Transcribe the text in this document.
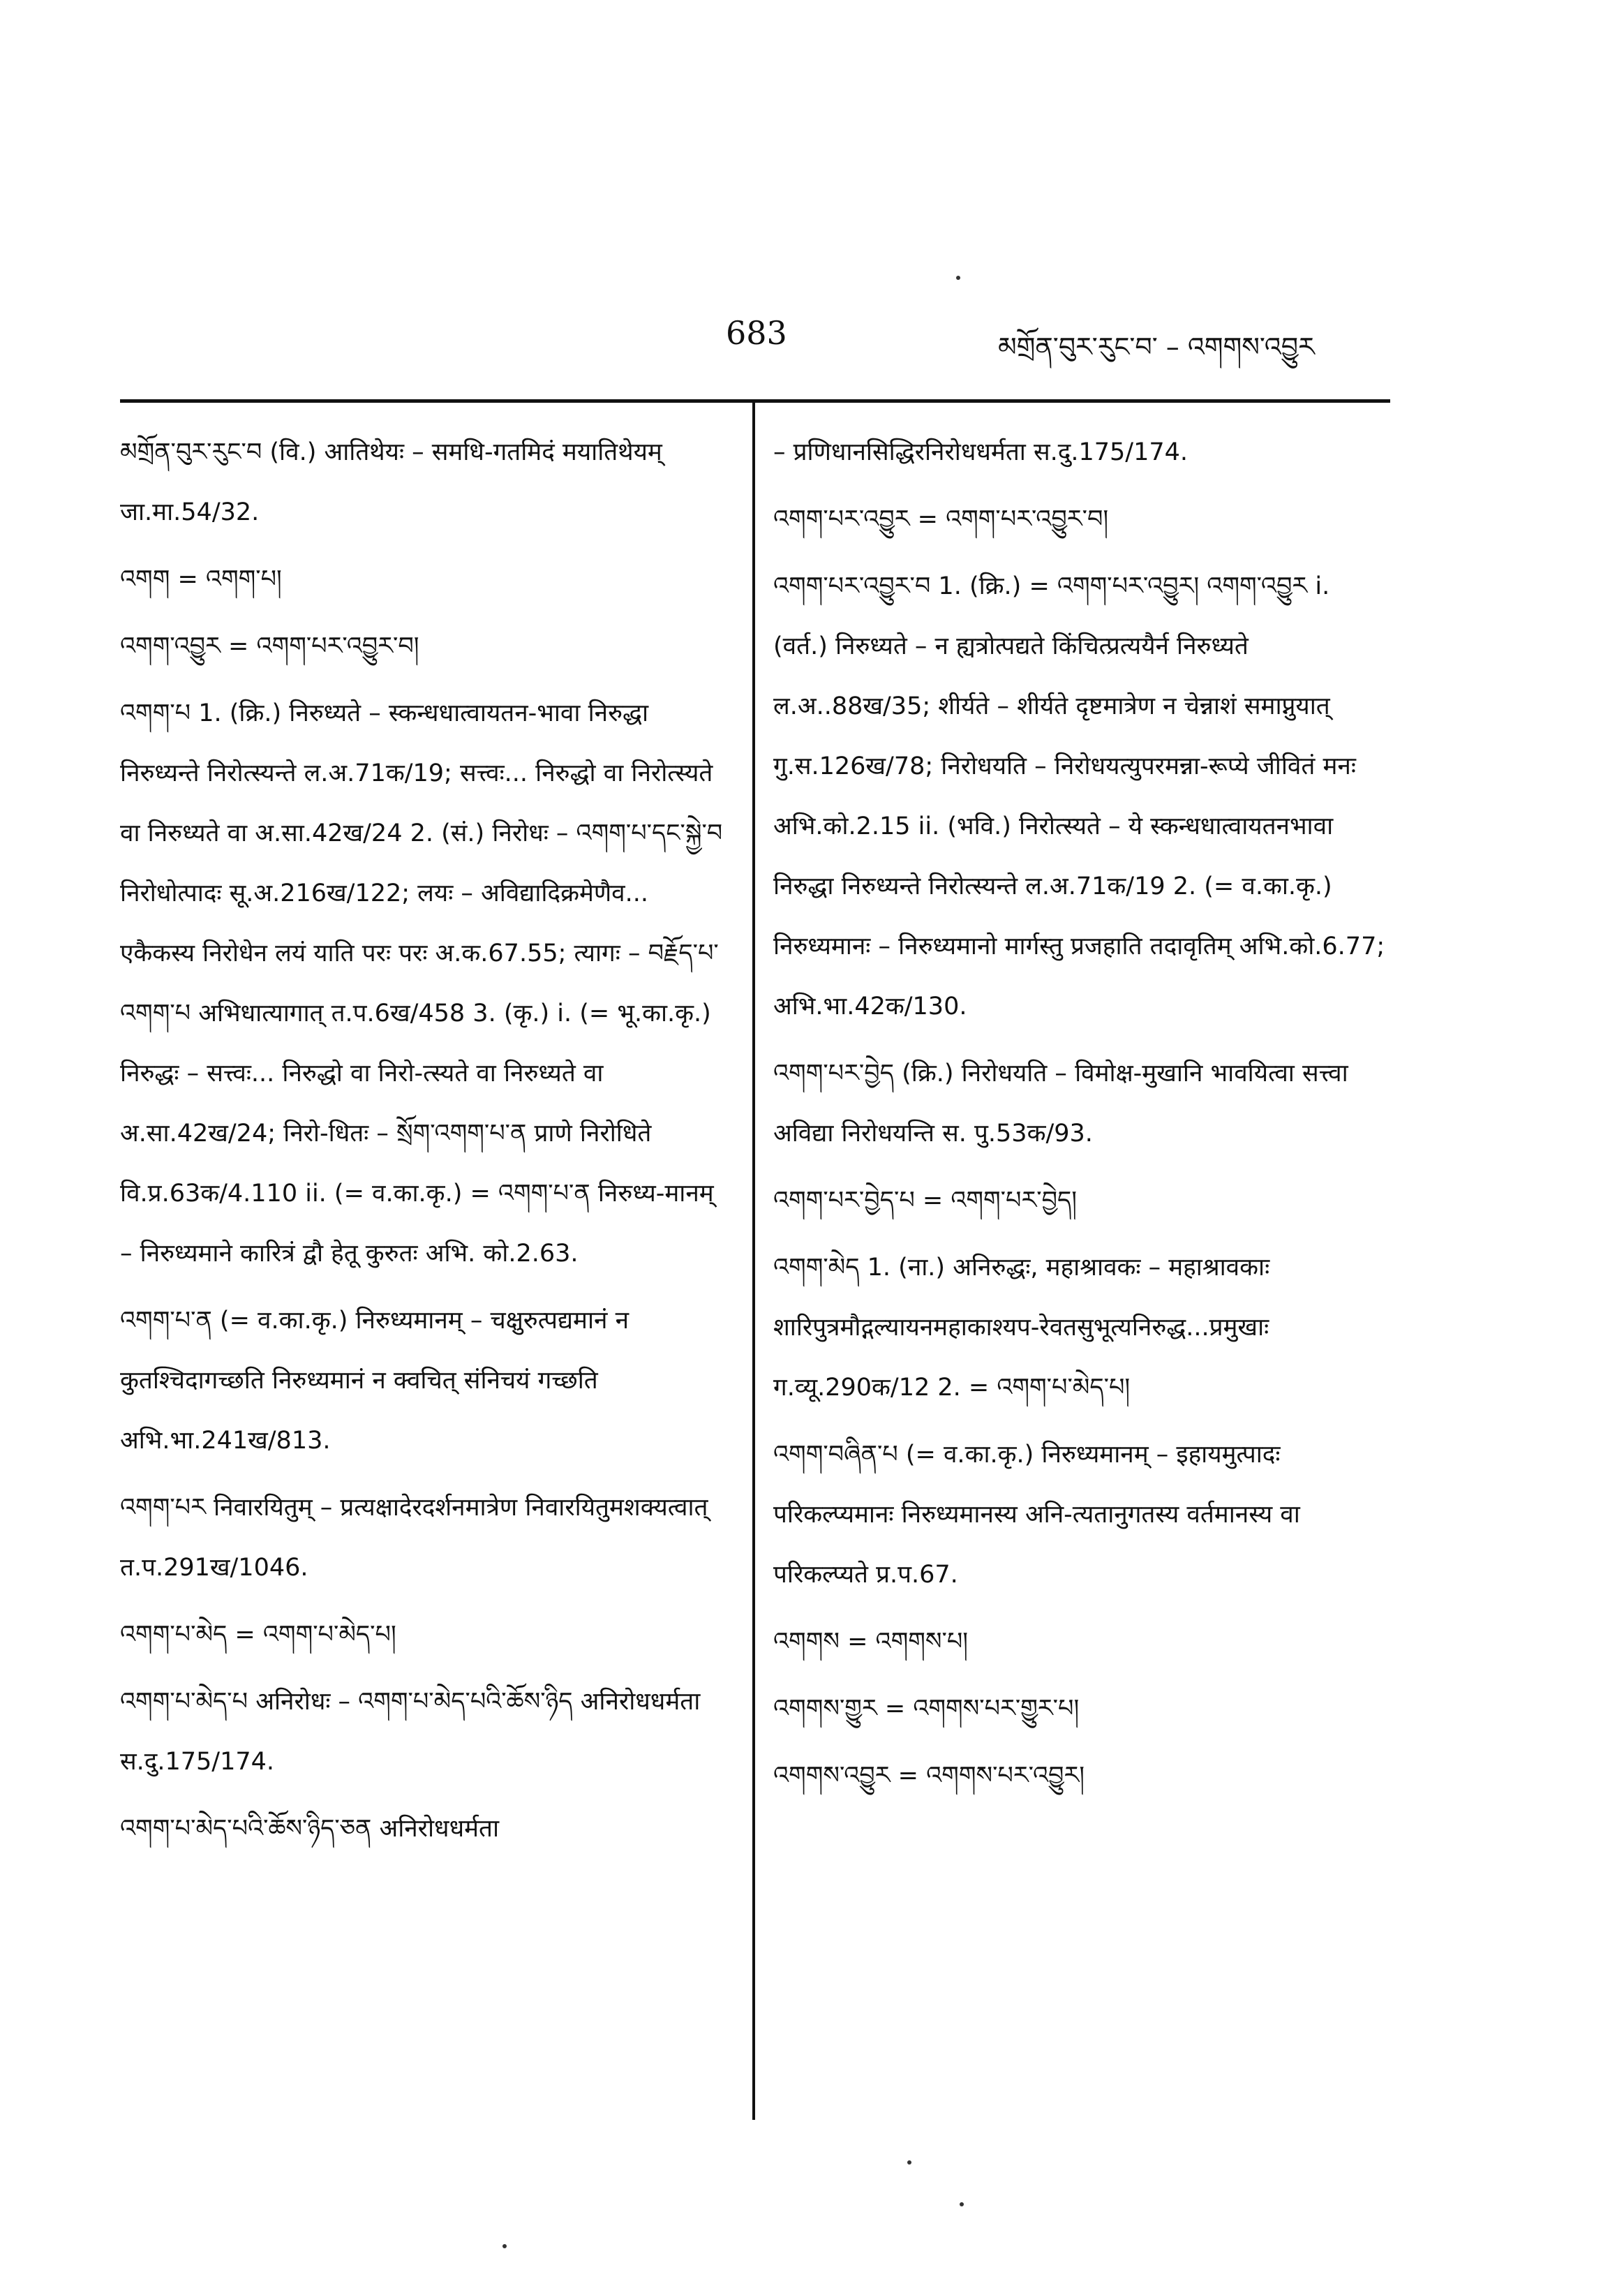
683	མགྲོན་བུར་རུང་བ་ – འགགས་འབྱུར

མགྲོན་བུར་རུང་བ (वि.) आतिथेयः – समधि-गतमिदं मयातिथेयम् जा.मा.54/32.

འགག = འགག་པ།

འགག་འབྱུར = འགག་པར་འབྱུར་བ།

འགག་པ 1. (क्रि.) निरुध्यते – स्कन्धधात्वायतन-भावा निरुद्धा निरुध्यन्ते निरोत्स्यन्ते ल.अ.71क/19; सत्त्वः... निरुद्धो वा निरोत्स्यते वा निरुध्यते वा अ.सा.42ख/24 2. (सं.) निरोधः – འགག་པ་དང་སྐྱེ་བ निरोधोत्पादः सू.अ.216ख/122; लयः – अविद्यादिक्रमेणैव... एकैकस्य निरोधेन लयं याति परः परः अ.क.67.55; त्यागः – བརྗོད་པ་འགག་པ अभिधात्यागात् त.प.6ख/458 3. (कृ.) i. (= भू.का.कृ.) निरुद्धः – सत्त्वः... निरुद्धो वा निरो-त्स्यते वा निरुध्यते वा अ.सा.42ख/24; निरो-धितः – སྲོག་འགག་པ་ན प्राणे निरोधिते वि.प्र.63क/4.110 ii. (= व.का.कृ.) = འགག་པ་ན निरुध्य-मानम् – निरुध्यमाने कारित्रं द्वौ हेतू कुरुतः अभि. को.2.63.

འགག་པ་ན (= व.का.कृ.) निरुध्यमानम् – चक्षुरुत्पद्यमानं न कुतश्चिदागच्छति निरुध्यमानं न क्वचित् संनिचयं गच्छति अभि.भा.241ख/813.

འགག་པར निवारयितुम् – प्रत्यक्षादेरदर्शनमात्रेण निवारयितुमशक्यत्वात् त.प.291ख/1046.

འགག་པ་མེད = འགག་པ་མེད་པ།

འགག་པ་མེད་པ अनिरोधः – འགག་པ་མེད་པའི་ཆོས་ཉིད अनिरोधधर्मता स.दु.175/174.

འགག་པ་མེད་པའི་ཆོས་ཉིད་ཅན अनिरोधधर्मता

– प्रणिधानसिद्धिरनिरोधधर्मता स.दु.175/174.

འགག་པར་འབྱུར = འགག་པར་འབྱུར་བ།

འགག་པར་འབྱུར་བ 1. (क्रि.) = འགག་པར་འབྱུར། འགག་འབྱུར i. (वर्त.) निरुध्यते – न ह्यत्रोत्पद्यते किंचित्प्रत्ययैर्न निरुध्यते ल.अ..88ख/35; शीर्यते – शीर्यते दृष्टमात्रेण न चेन्नाशं समाप्नुयात् गु.स.126ख/78; निरोधयति – निरोधयत्युपरमन्ना-रूप्ये जीवितं मनः अभि.को.2.15 ii. (भवि.) निरोत्स्यते – ये स्कन्धधात्वायतनभावा निरुद्धा निरुध्यन्ते निरोत्स्यन्ते ल.अ.71क/19 2. (= व.का.कृ.) निरुध्यमानः – निरुध्यमानो मार्गस्तु प्रजहाति तदावृतिम् अभि.को.6.77; अभि.भा.42क/130.

འགག་པར་བྱེད (क्रि.) निरोधयति – विमोक्ष-मुखानि भावयित्वा सत्त्वा अविद्या निरोधयन्ति स. पु.53क/93.

འགག་པར་བྱེད་པ = འགག་པར་བྱེད།

འགག་མེད 1. (ना.) अनिरुद्धः, महाश्रावकः – महाश्रावकाः शारिपुत्रमौद्गल्यायनमहाकाश्यप-रेवतसुभूत्यनिरुद्ध...प्रमुखाः ग.व्यू.290क/12 2. = འགག་པ་མེད་པ།

འགག་བཞིན་པ (= व.का.कृ.) निरुध्यमानम् – इहायमुत्पादः परिकल्प्यमानः निरुध्यमानस्य अनि-त्यतानुगतस्य वर्तमानस्य वा परिकल्प्यते प्र.प.67.

འགགས = འགགས་པ།

འགགས་གྱུར = འགགས་པར་གྱུར་པ།

འགགས་འབྱུར = འགགས་པར་འབྱུར།
